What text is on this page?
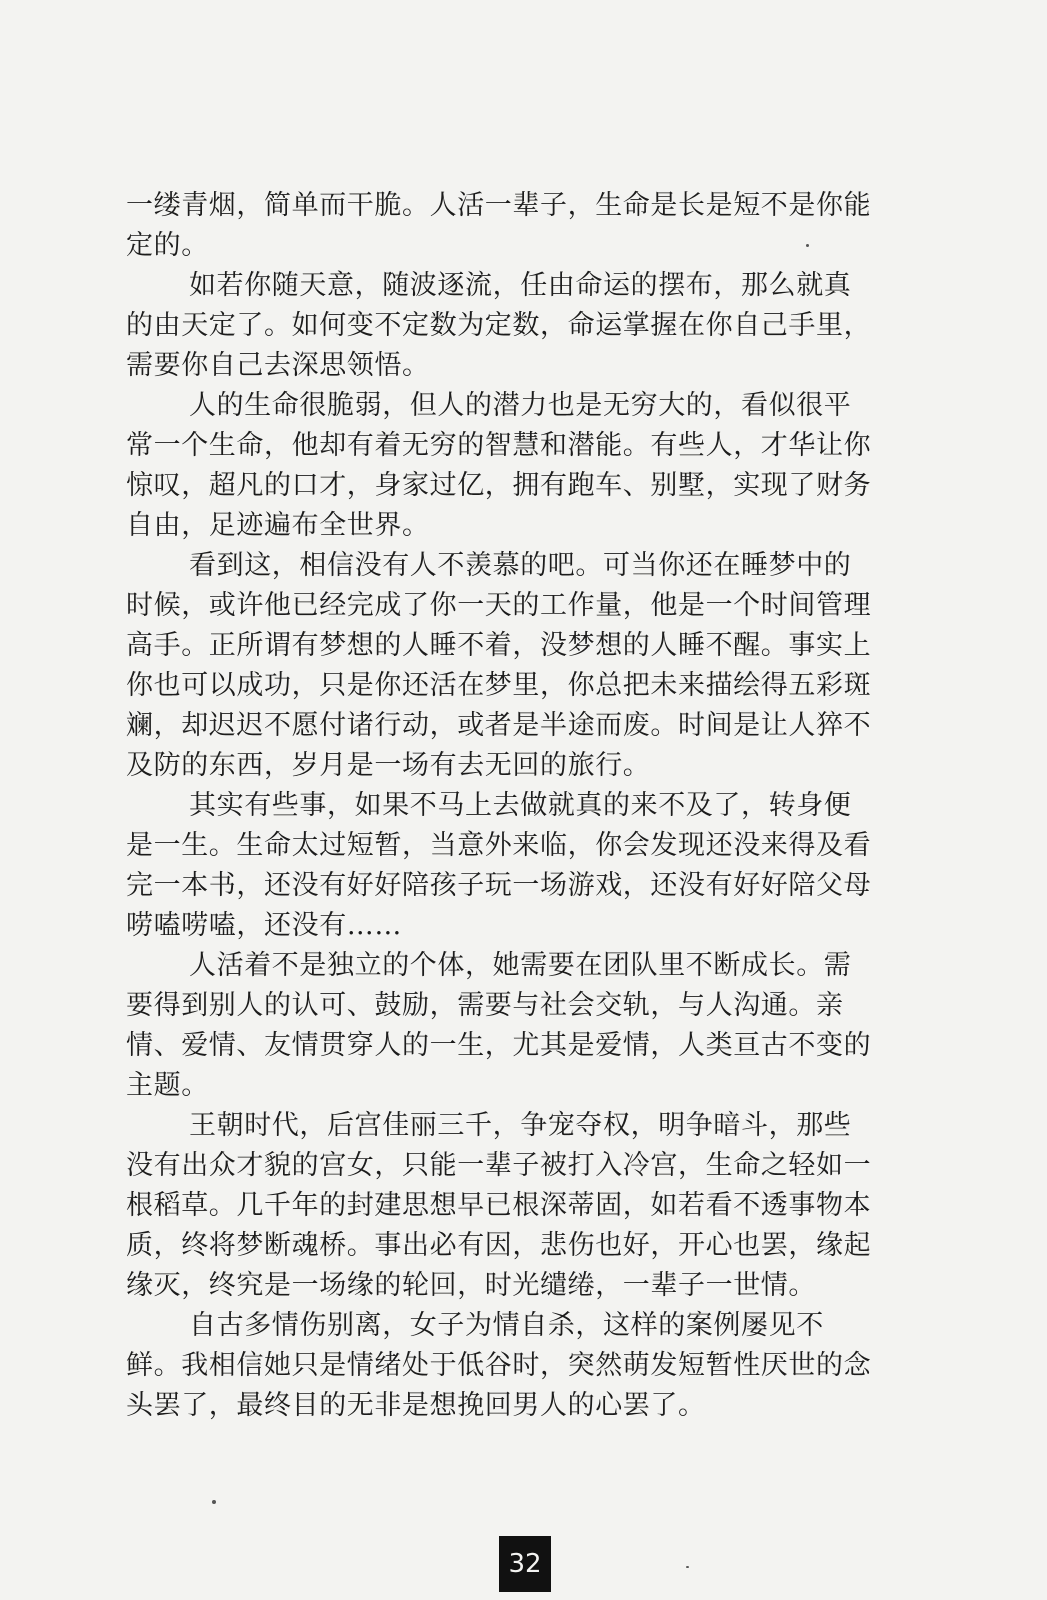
一缕青烟，简单而干脆。人活一辈子，生命是长是短不是你能
定的。
如若你随天意，随波逐流，任由命运的摆布，那么就真
的由天定了。如何变不定数为定数，命运掌握在你自己手里，
需要你自己去深思领悟。
人的生命很脆弱，但人的潜力也是无穷大的，看似很平
常一个生命，他却有着无穷的智慧和潜能。有些人，才华让你
惊叹，超凡的口才，身家过亿，拥有跑车、别墅，实现了财务
自由，足迹遍布全世界。
看到这，相信没有人不羡慕的吧。可当你还在睡梦中的
时候，或许他已经完成了你一天的工作量，他是一个时间管理
高手。正所谓有梦想的人睡不着，没梦想的人睡不醒。事实上
你也可以成功，只是你还活在梦里，你总把未来描绘得五彩斑
斓，却迟迟不愿付诸行动，或者是半途而废。时间是让人猝不
及防的东西，岁月是一场有去无回的旅行。
其实有些事，如果不马上去做就真的来不及了，转身便
是一生。生命太过短暂，当意外来临，你会发现还没来得及看
完一本书，还没有好好陪孩子玩一场游戏，还没有好好陪父母
唠嗑唠嗑，还没有……
人活着不是独立的个体，她需要在团队里不断成长。需
要得到别人的认可、鼓励，需要与社会交轨，与人沟通。亲
情、爱情、友情贯穿人的一生，尤其是爱情，人类亘古不变的
主题。
王朝时代，后宫佳丽三千，争宠夺权，明争暗斗，那些
没有出众才貌的宫女，只能一辈子被打入冷宫，生命之轻如一
根稻草。几千年的封建思想早已根深蒂固，如若看不透事物本
质，终将梦断魂桥。事出必有因，悲伤也好，开心也罢，缘起
缘灭，终究是一场缘的轮回，时光缱绻，一辈子一世情。
自古多情伤别离，女子为情自杀，这样的案例屡见不
鲜。我相信她只是情绪处于低谷时，突然萌发短暂性厌世的念
头罢了，最终目的无非是想挽回男人的心罢了。
32
